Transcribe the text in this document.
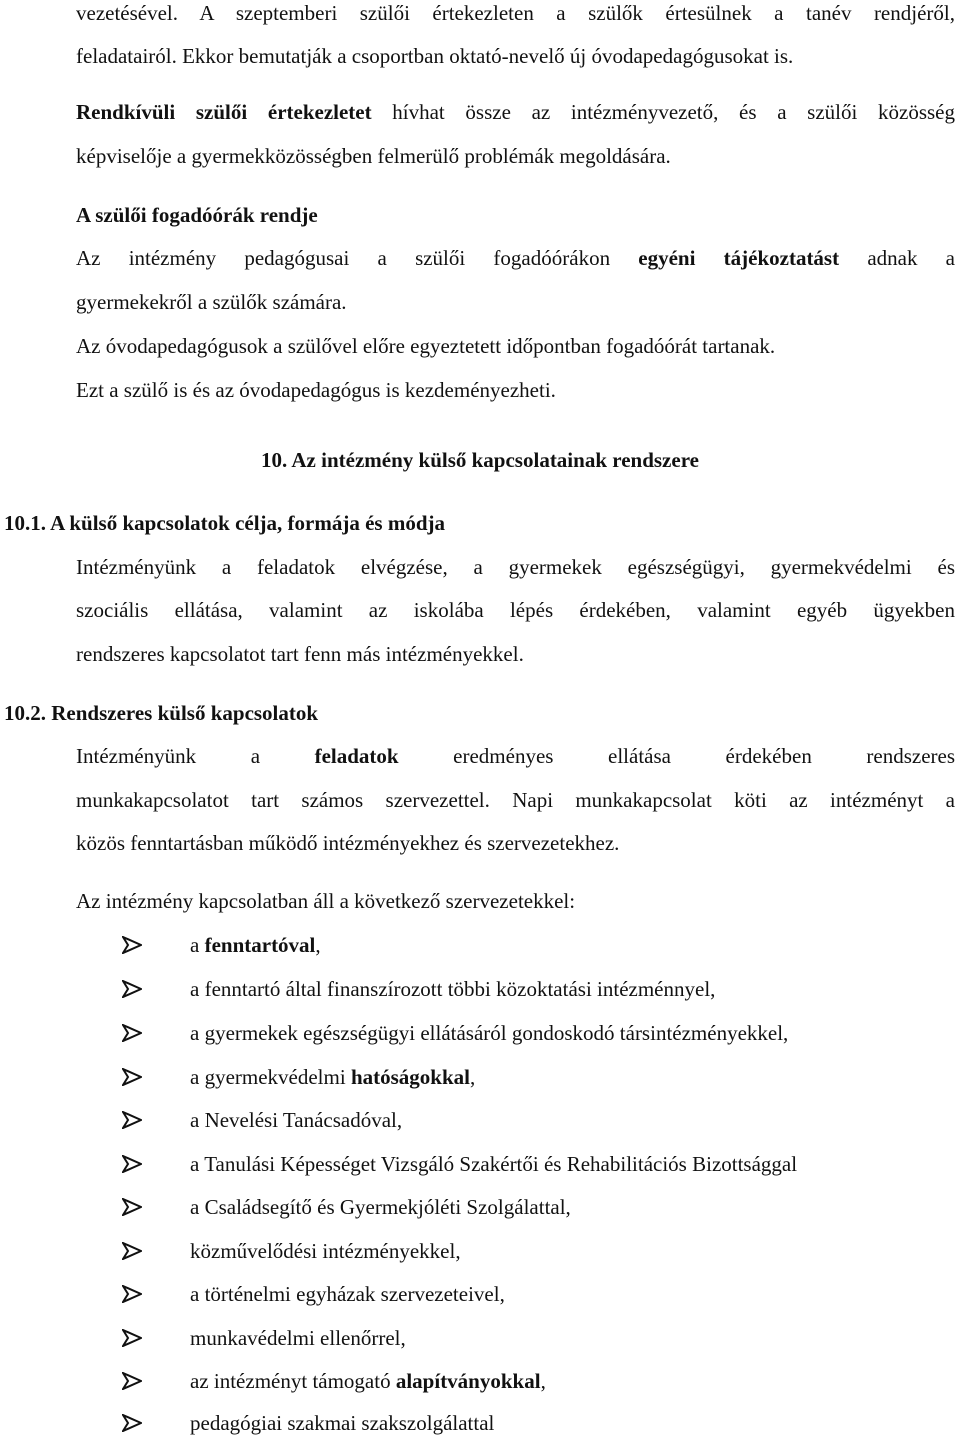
vezetésével. A szeptemberi szülői értekezleten a szülők értesülnek a tanév rendjéről,
feladatairól. Ekkor bemutatják a csoportban oktató-nevelő új óvodapedagógusokat is.
Rendkívüli szülői értekezletet hívhat össze az intézményvezető, és a szülői közösség
képviselője a gyermekközösségben felmerülő problémák megoldására.
A szülői fogadóórák rendje
Az intézmény pedagógusai a szülői fogadóórákon egyéni tájékoztatást adnak a
gyermekekről a szülők számára.
Az óvodapedagógusok a szülővel előre egyeztetett időpontban fogadóórát tartanak.
Ezt a szülő is és az óvodapedagógus is kezdeményezheti.
10. Az intézmény külső kapcsolatainak rendszere
10.1. A külső kapcsolatok célja, formája és módja
Intézményünk a feladatok elvégzése, a gyermekek egészségügyi, gyermekvédelmi és
szociális ellátása, valamint az iskolába lépés érdekében, valamint egyéb ügyekben
rendszeres kapcsolatot tart fenn más intézményekkel.
10.2. Rendszeres külső kapcsolatok
Intézményünk a feladatok eredményes ellátása érdekében rendszeres
munkakapcsolatot tart számos szervezettel. Napi munkakapcsolat köti az intézményt a
közös fenntartásban működő intézményekhez és szervezetekhez.
Az intézmény kapcsolatban áll a következő szervezetekkel:
a fenntartóval,
a fenntartó által finanszírozott többi közoktatási intézménnyel,
a gyermekek egészségügyi ellátásáról gondoskodó társintézményekkel,
a gyermekvédelmi hatóságokkal,
a Nevelési Tanácsadóval,
a Tanulási Képességet Vizsgáló Szakértői és Rehabilitációs Bizottsággal
a Családsegítő és Gyermekjóléti Szolgálattal,
közművelődési intézményekkel,
a történelmi egyházak szervezeteivel,
munkavédelmi ellenőrrel,
az intézményt támogató alapítványokkal,
pedagógiai szakmai szakszolgálattal
